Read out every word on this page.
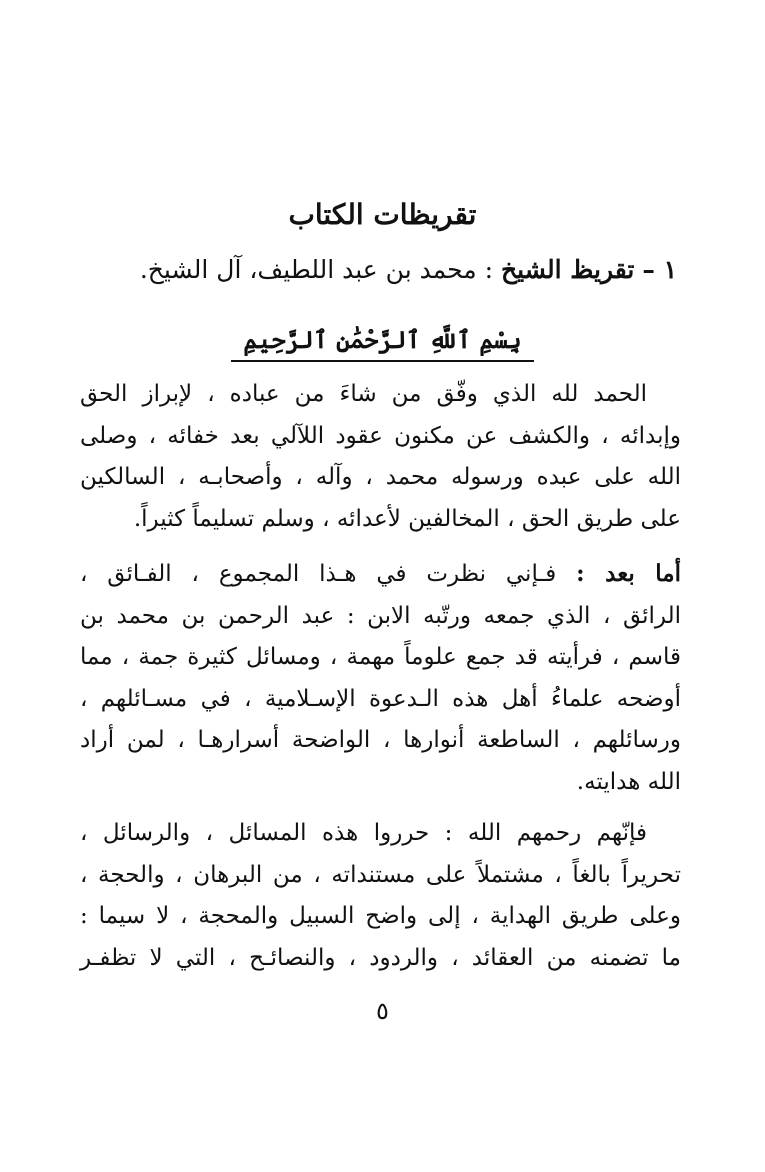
تقريظات الكتاب
١ – تقريظ الشيخ : محمد بن عبد اللطيف، آل الشيخ.
بِسْمِ ٱللَّهِ ٱلرَّحْمَٰنِ ٱلرَّحِيمِ
الحمد لله الذي وفّق من شاءَ من عباده ، لإبراز الحق
وإبدائه ، والكشف عن مكنون عقود اللآلي بعد خفائه ، وصلى
الله على عبده ورسوله محمد ، وآله ، وأصحابـه ، السالكين
على طريق الحق ، المخالفين لأعدائه ، وسلم تسليماً كثيراً.
أما بعد : فـإني نظرت في هـذا المجموع ، الفـائق ،
الرائق ، الذي جمعه ورتّبه الابن : عبد الرحمن بن محمد بن
قاسم ، فرأيته قد جمع علوماً مهمة ، ومسائل كثيرة جمة ، مما
أوضحه علماءُ أهل هذه الـدعوة الإسـلامية ، في مسـائلهم ،
ورسائلهم ، الساطعة أنوارها ، الواضحة أسرارهـا ، لمن أراد
الله هدايته.
فإنّهم رحمهم الله : حرروا هذه المسائل ، والرسائل ،
تحريراً بالغاً ، مشتملاً على مستنداته ، من البرهان ، والحجة ،
وعلى طريق الهداية ، إلى واضح السبيل والمحجة ، لا سيما :
ما تضمنه من العقائد ، والردود ، والنصائـح ، التي لا تظفـر
٥
